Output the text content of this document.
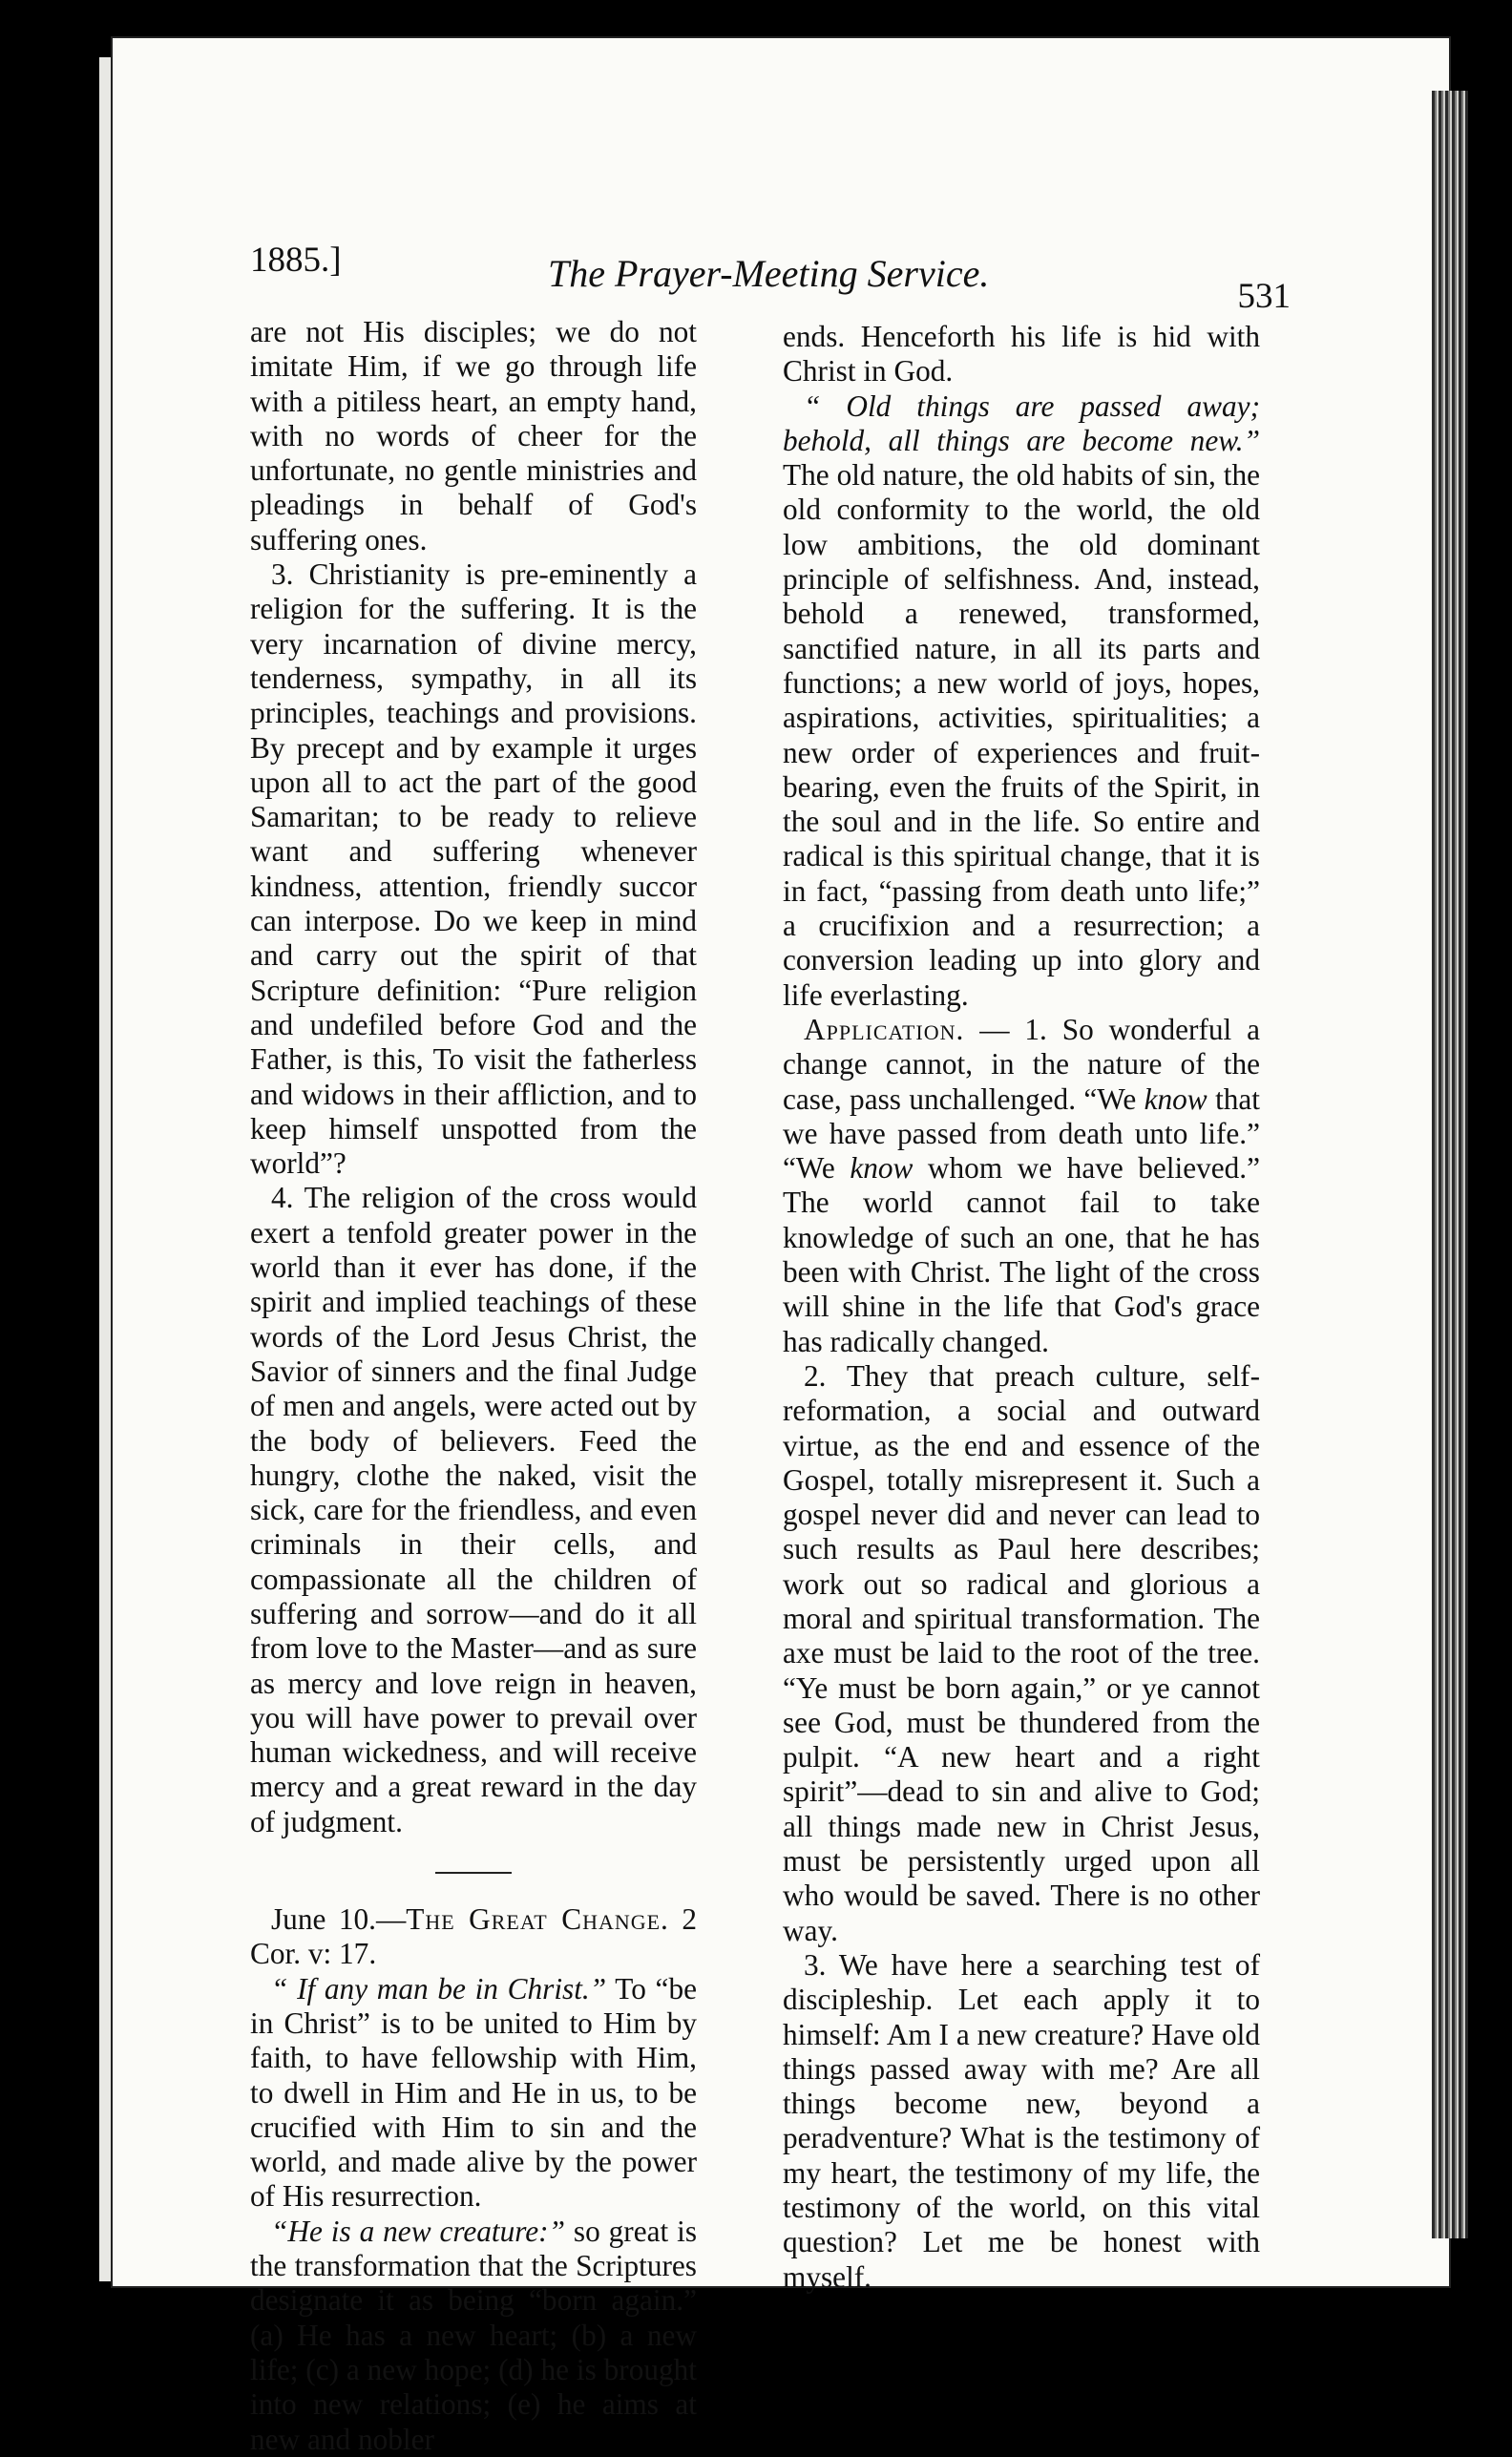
1885.]	The Prayer-Meeting Service.
531

are not His disciples; we do not imitate Him, if we go through life with a pitiless heart, an empty hand, with no words of cheer for the unfortunate, no gentle ministries and pleadings in behalf of God's suffering ones.

3. Christianity is pre-eminently a religion for the suffering. It is the very incarnation of divine mercy, tenderness, sympathy, in all its principles, teachings and provisions. By precept and by example it urges upon all to act the part of the good Samaritan; to be ready to relieve want and suffering whenever kindness, attention, friendly succor can interpose. Do we keep in mind and carry out the spirit of that Scripture definition: “Pure religion and undefiled before God and the Father, is this, To visit the fatherless and widows in their affliction, and to keep himself unspotted from the world”?

4. The religion of the cross would exert a tenfold greater power in the world than it ever has done, if the spirit and implied teachings of these words of the Lord Jesus Christ, the Savior of sinners and the final Judge of men and angels, were acted out by the body of believers. Feed the hungry, clothe the naked, visit the sick, care for the friendless, and even criminals in their cells, and compassionate all the children of suffering and sorrow—and do it all from love to the Master—and as sure as mercy and love reign in heaven, you will have power to prevail over human wickedness, and will receive mercy and a great reward in the day of judgment.

June 10.—The Great Change. 2 Cor. v: 17.

“ If any man be in Christ.” To “be in Christ” is to be united to Him by faith, to have fellowship with Him, to dwell in Him and He in us, to be crucified with Him to sin and the world, and made alive by the power of His resurrection.

“He is a new creature:” so great is the transformation that the Scriptures designate it as being “born again.” (a) He has a new heart; (b) a new life; (c) a new hope; (d) he is brought into new relations; (e) he aims at new and nobler

ends. Henceforth his life is hid with Christ in God.

“ Old things are passed away; behold, all things are become new.” The old nature, the old habits of sin, the old conformity to the world, the old low ambitions, the old dominant principle of selfishness. And, instead, behold a renewed, transformed, sanctified nature, in all its parts and functions; a new world of joys, hopes, aspirations, activities, spiritualities; a new order of experiences and fruit-bearing, even the fruits of the Spirit, in the soul and in the life. So entire and radical is this spiritual change, that it is in fact, “passing from death unto life;” a crucifixion and a resurrection; a conversion leading up into glory and life everlasting.

Application. — 1. So wonderful a change cannot, in the nature of the case, pass unchallenged. “We know that we have passed from death unto life.” “We know whom we have believed.” The world cannot fail to take knowledge of such an one, that he has been with Christ. The light of the cross will shine in the life that God's grace has radically changed.

2. They that preach culture, self-reformation, a social and outward virtue, as the end and essence of the Gospel, totally misrepresent it. Such a gospel never did and never can lead to such results as Paul here describes; work out so radical and glorious a moral and spiritual transformation. The axe must be laid to the root of the tree. “Ye must be born again,” or ye cannot see God, must be thundered from the pulpit. “A new heart and a right spirit”—dead to sin and alive to God; all things made new in Christ Jesus, must be persistently urged upon all who would be saved. There is no other way.

3. We have here a searching test of discipleship. Let each apply it to himself: Am I a new creature? Have old things passed away with me? Are all things become new, beyond a peradventure? What is the testimony of my heart, the testimony of my life, the testimony of the world, on this vital question? Let me be honest with myself.
